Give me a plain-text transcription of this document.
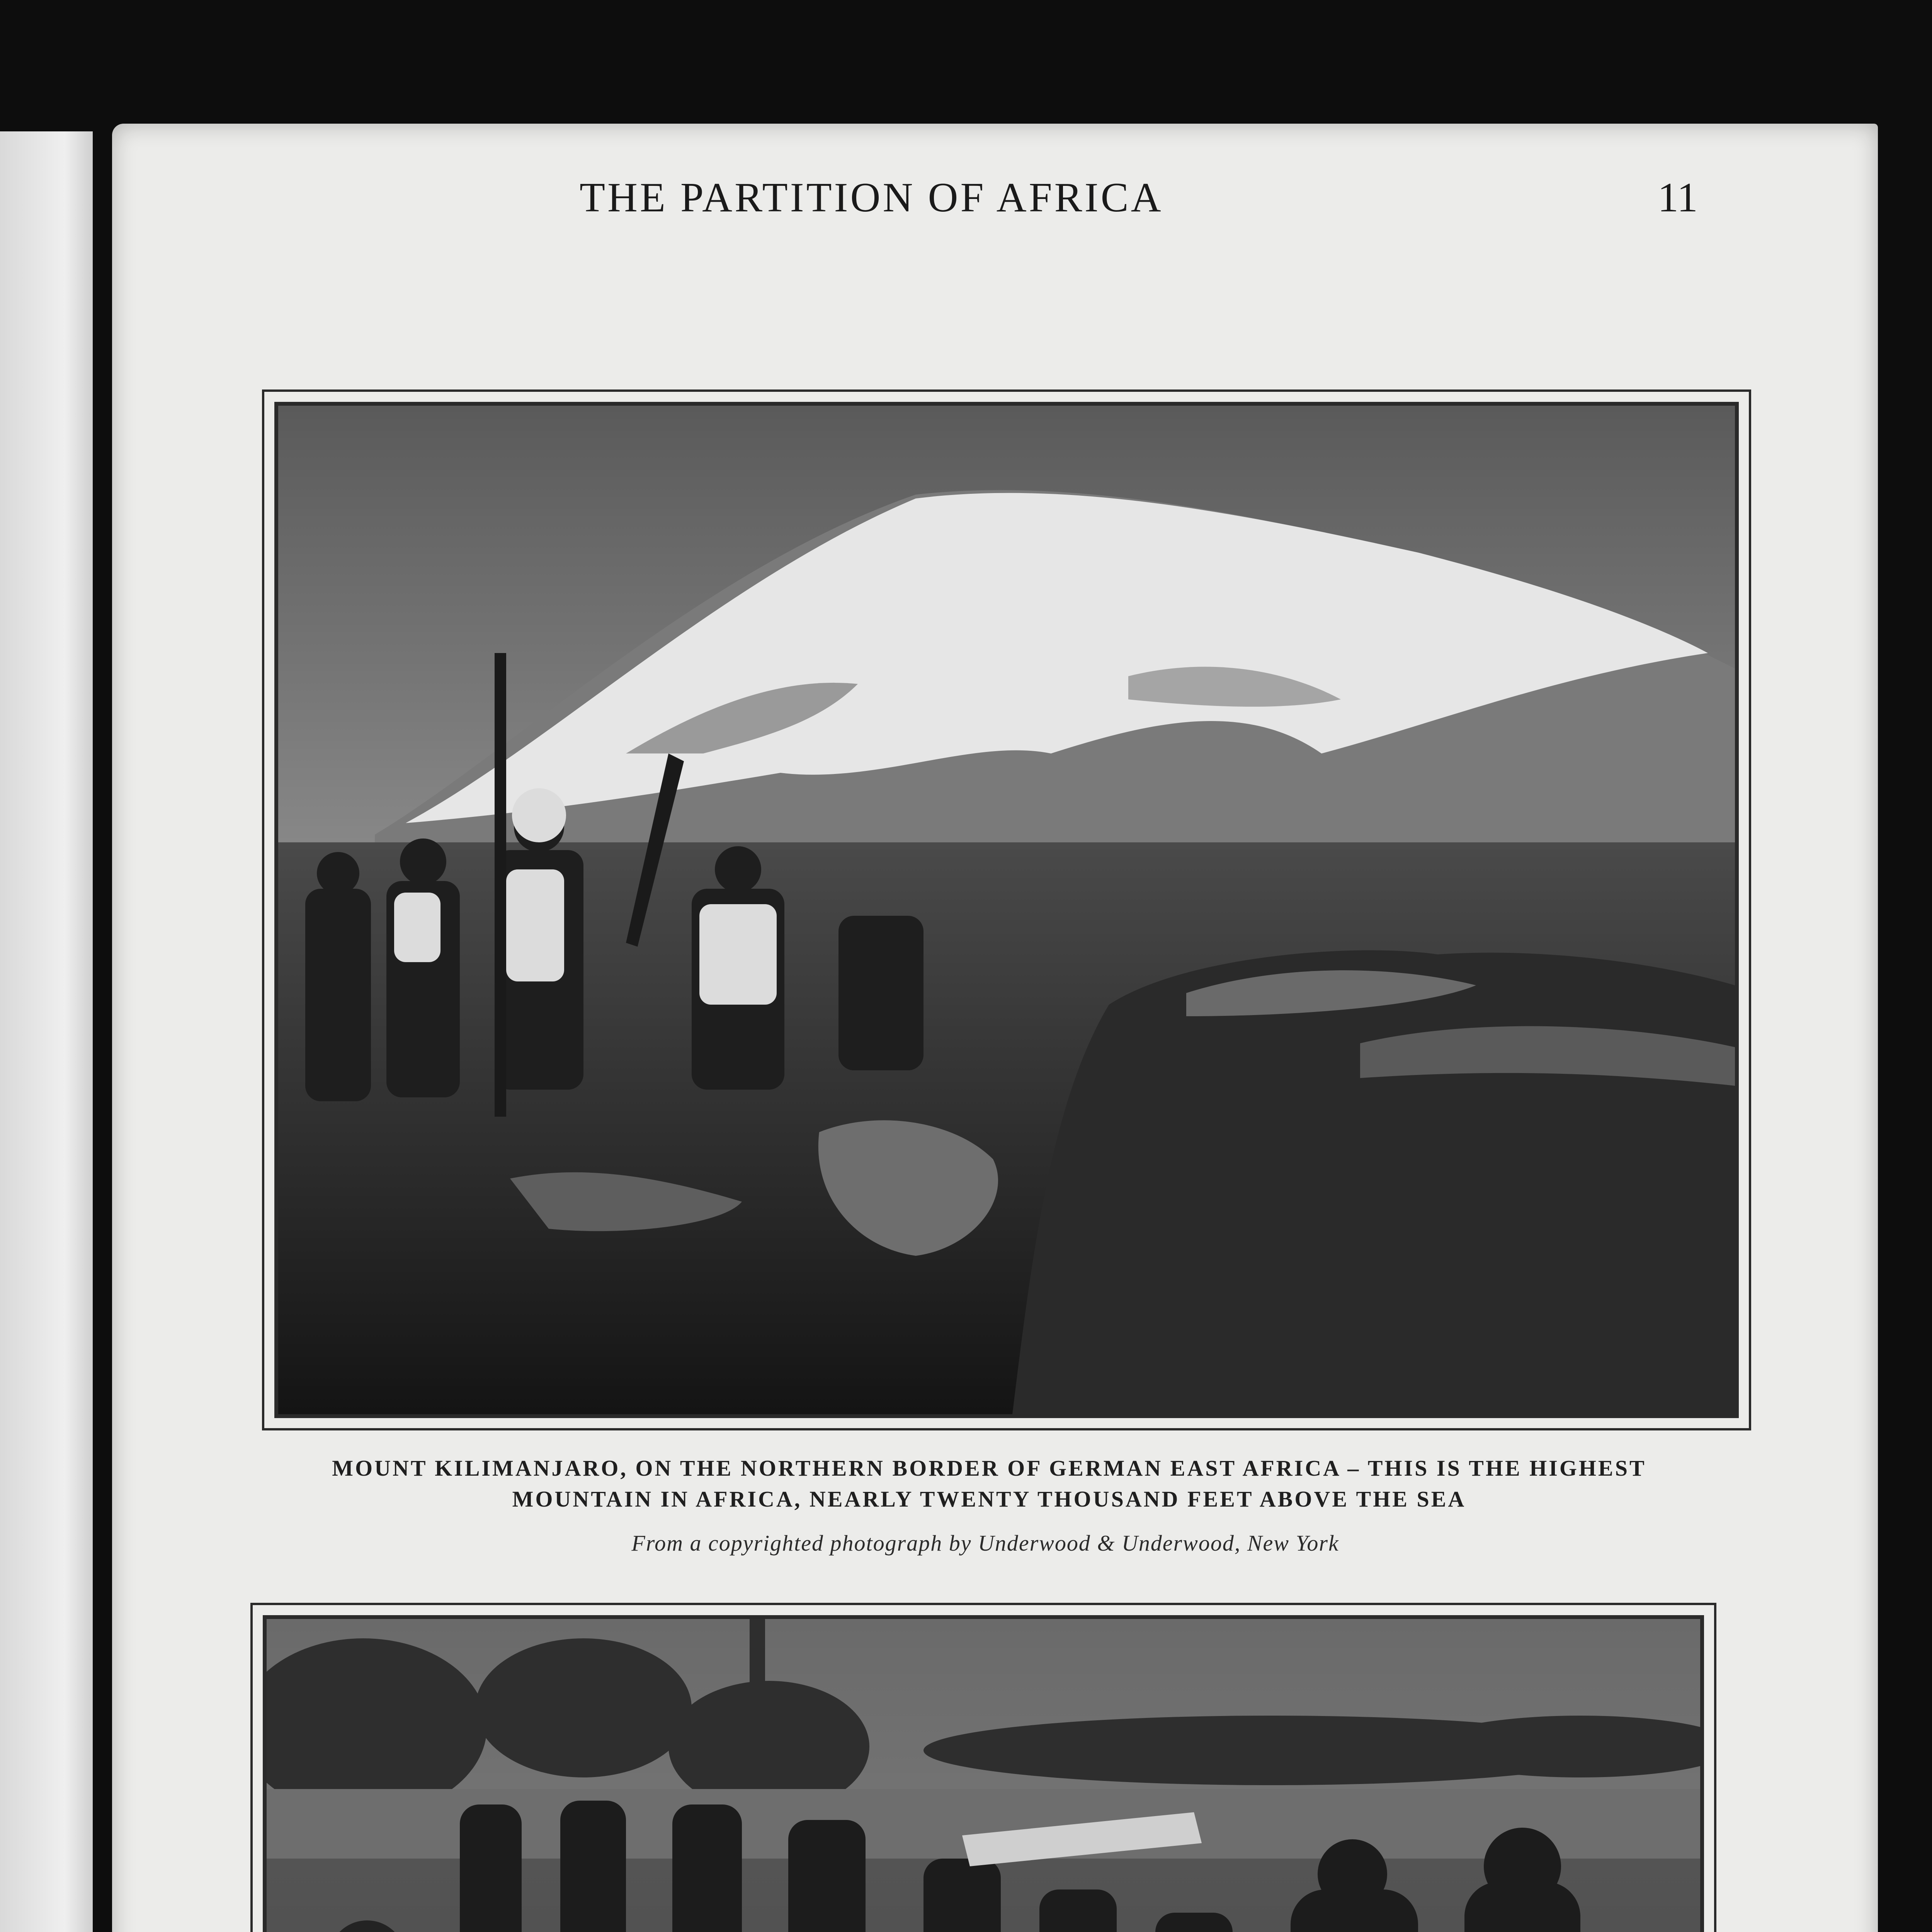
THE PARTITION OF AFRICA	11
MOUNT KILIMANJARO, ON THE NORTHERN BORDER OF GERMAN EAST AFRICA – THIS IS THE HIGHEST
MOUNTAIN IN AFRICA, NEARLY TWENTY THOUSAND FEET ABOVE THE SEA
From a copyrighted photograph by Underwood & Underwood, New York
